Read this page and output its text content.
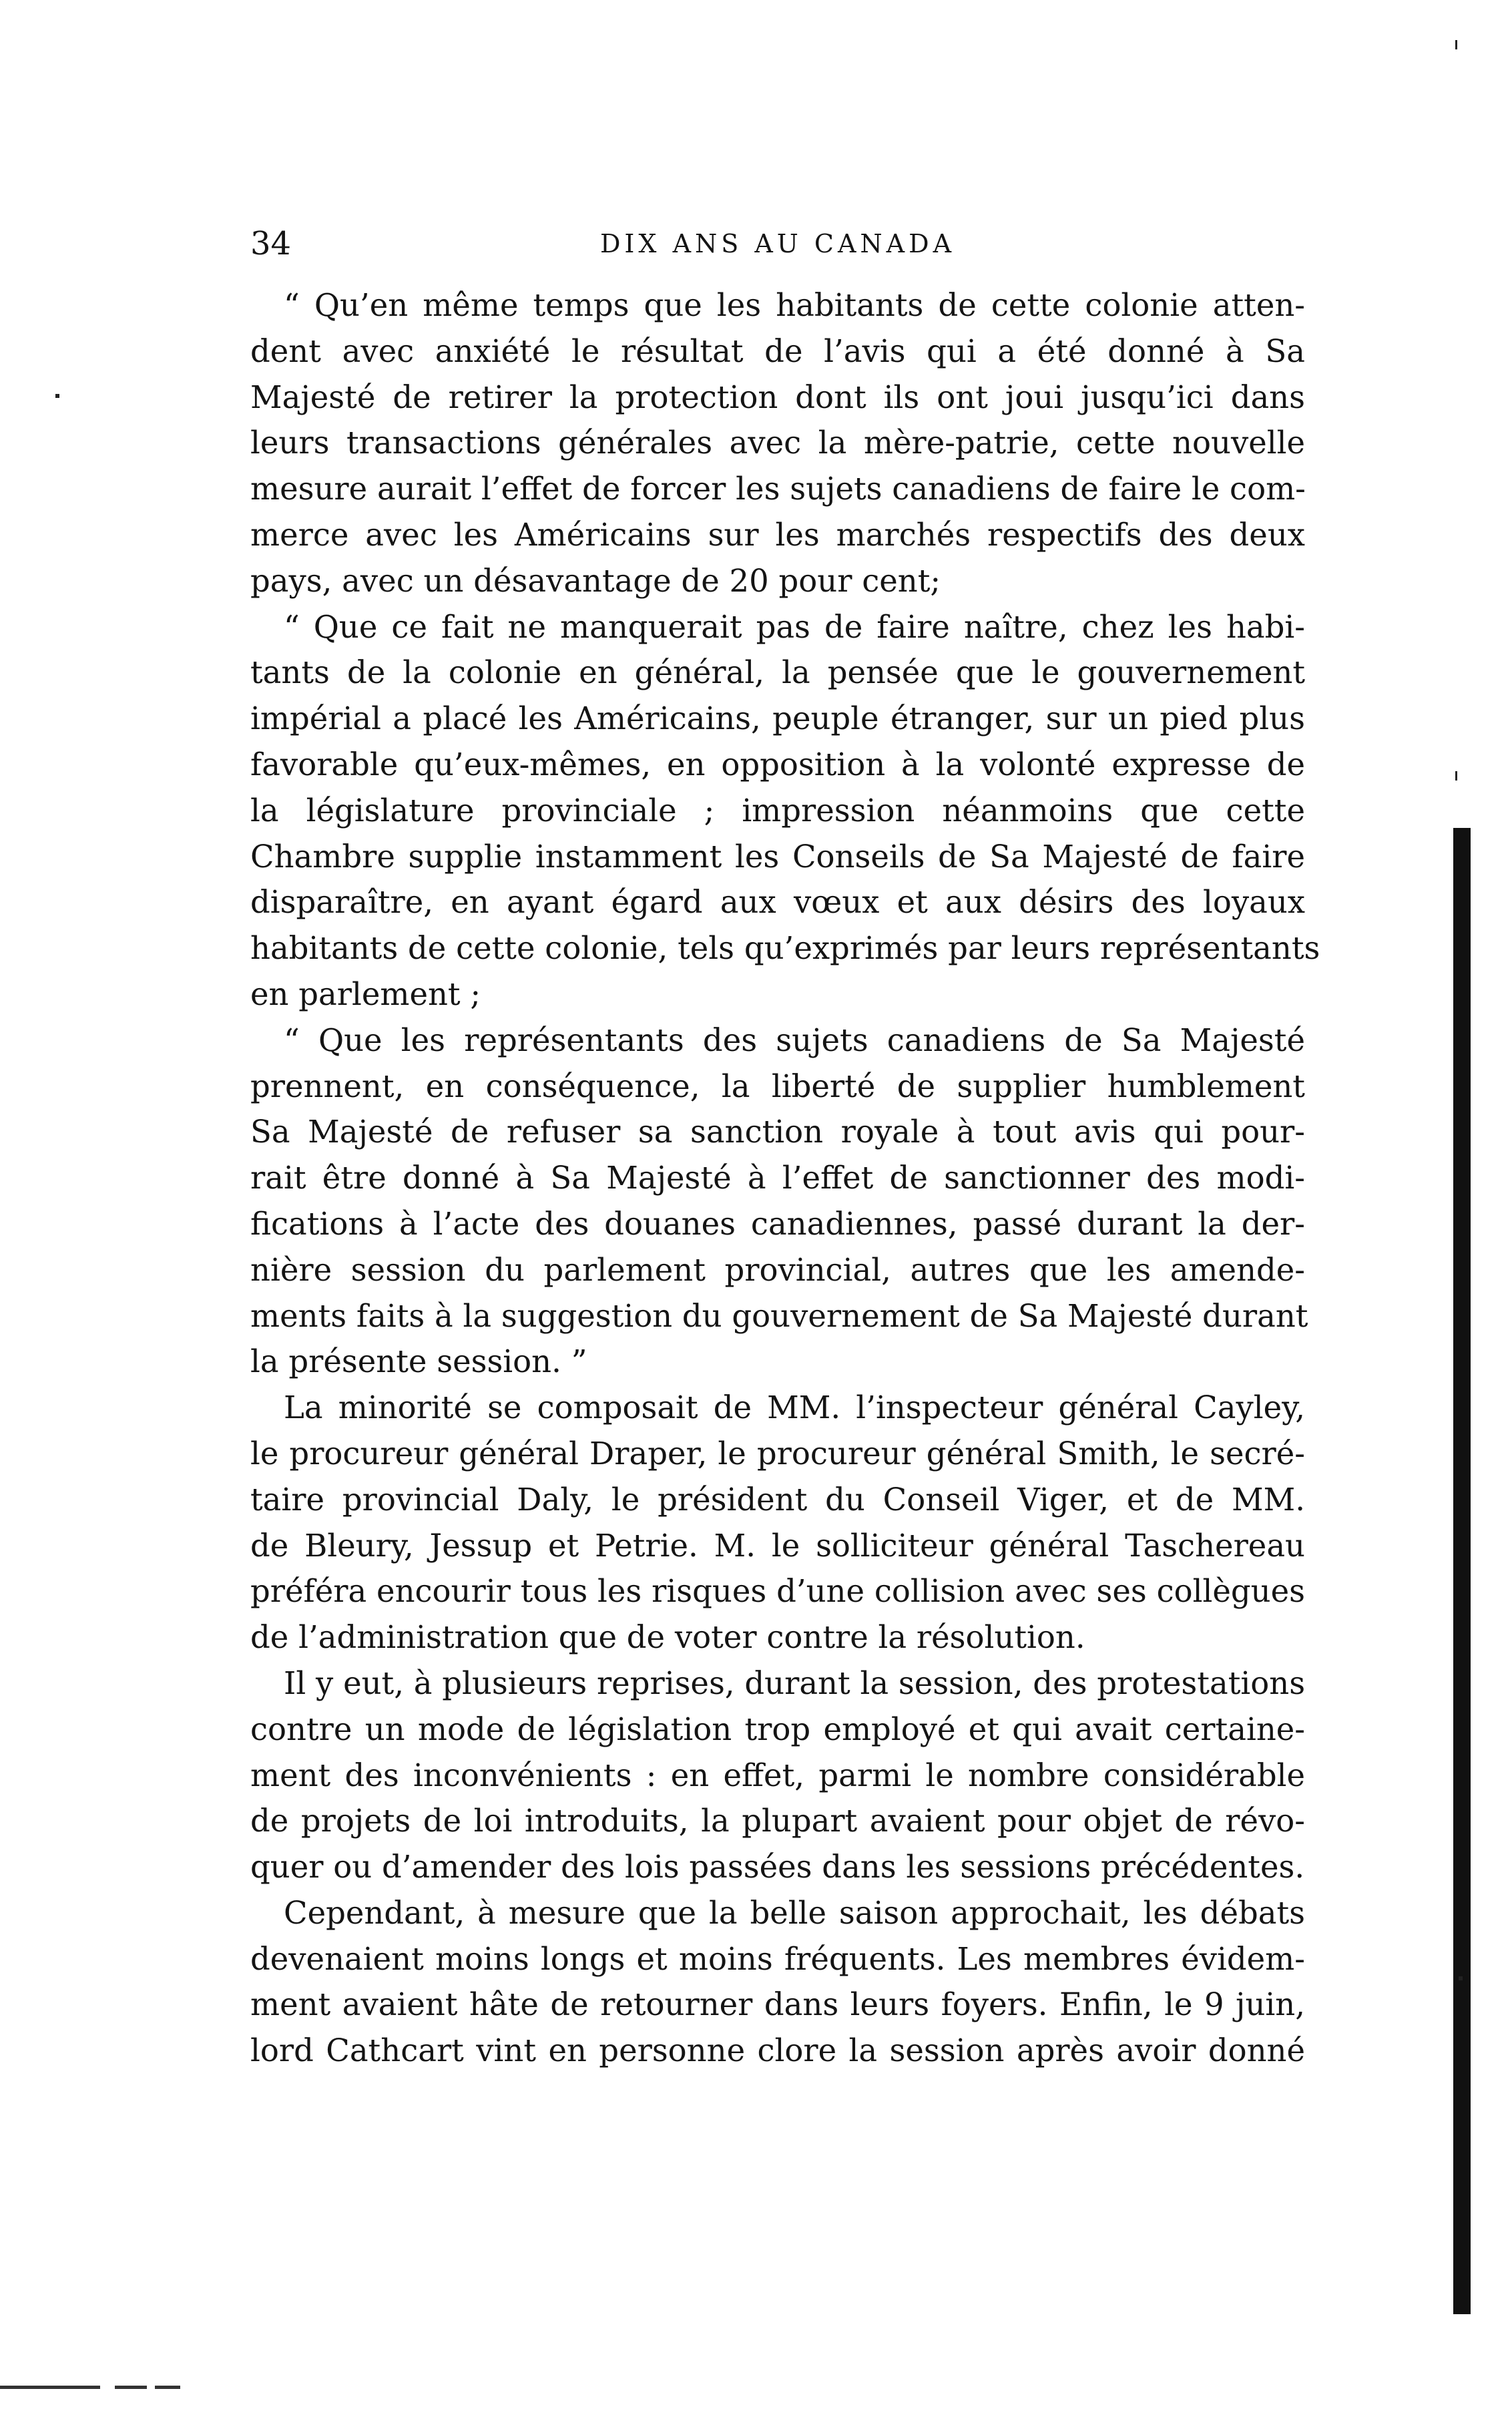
34	DIX ANS AU CANADA
“ Qu’en même temps que les habitants de cette colonie atten-
dent avec anxiété le résultat de l’avis qui a été donné à Sa
Majesté de retirer la protection dont ils ont joui jusqu’ici dans
leurs transactions générales avec la mère-patrie, cette nouvelle
mesure aurait l’effet de forcer les sujets canadiens de faire le com-
merce avec les Américains sur les marchés respectifs des deux
pays, avec un désavantage de 20 pour cent;
“ Que ce fait ne manquerait pas de faire naître, chez les habi-
tants de la colonie en général, la pensée que le gouvernement
impérial a placé les Américains, peuple étranger, sur un pied plus
favorable qu’eux-mêmes, en opposition à la volonté expresse de
la législature provinciale ; impression néanmoins que cette
Chambre supplie instamment les Conseils de Sa Majesté de faire
disparaître, en ayant égard aux vœux et aux désirs des loyaux
habitants de cette colonie, tels qu’exprimés par leurs représentants
en parlement ;
“ Que les représentants des sujets canadiens de Sa Majesté
prennent, en conséquence, la liberté de supplier humblement
Sa Majesté de refuser sa sanction royale à tout avis qui pour-
rait être donné à Sa Majesté à l’effet de sanctionner des modi-
fications à l’acte des douanes canadiennes, passé durant la der-
nière session du parlement provincial, autres que les amende-
ments faits à la suggestion du gouvernement de Sa Majesté durant
la présente session. ”
La minorité se composait de MM. l’inspecteur général Cayley,
le procureur général Draper, le procureur général Smith, le secré-
taire provincial Daly, le président du Conseil Viger, et de MM.
de Bleury, Jessup et Petrie. M. le solliciteur général Taschereau
préféra encourir tous les risques d’une collision avec ses collègues
de l’administration que de voter contre la résolution.
Il y eut, à plusieurs reprises, durant la session, des protestations
contre un mode de législation trop employé et qui avait certaine-
ment des inconvénients : en effet, parmi le nombre considérable
de projets de loi introduits, la plupart avaient pour objet de révo-
quer ou d’amender des lois passées dans les sessions précédentes.
Cependant, à mesure que la belle saison approchait, les débats
devenaient moins longs et moins fréquents. Les membres évidem-
ment avaient hâte de retourner dans leurs foyers. Enfin, le 9 juin,
lord Cathcart vint en personne clore la session après avoir donné
